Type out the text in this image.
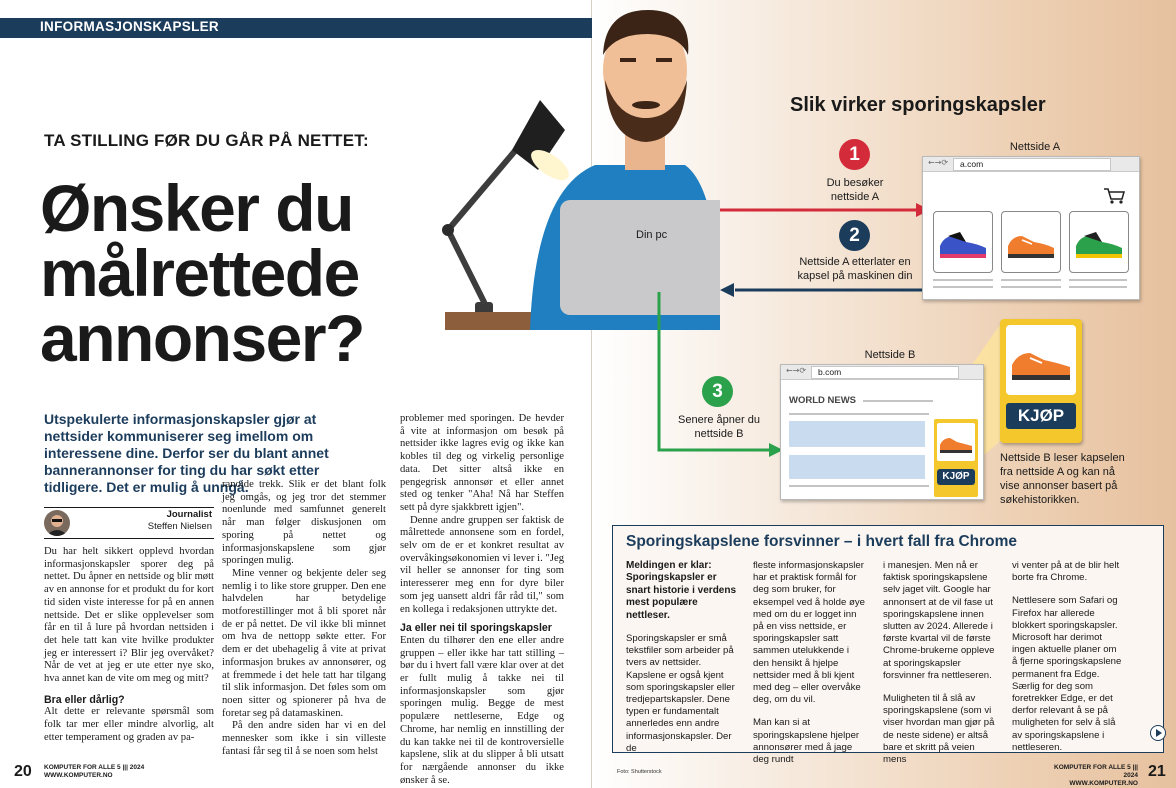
INFORMASJONSKAPSLER
Din pc
TA STILLING FØR DU GÅR PÅ NETTET:
Ønsker du
målrettede
annonser?
Utspekulerte informasjonskapsler gjør at nettsider kommuniserer seg imellom om interessene dine. Derfor ser du blant annet bannerannonser for ting du har søkt etter tidligere. Det er mulig å unngå.
Journalist
Steffen Nielsen

Du har helt sikkert opplevd hvordan informasjonskapsler sporer deg på nettet. Du åpner en nettside og blir møtt av en annonse for et produkt du for kort tid siden viste interesse for på en annen nettside. Det er slike opplevelser som får en til å lure på hvordan nettsiden i det hele tatt kan vite hvilke produkter jeg er interessert i? Blir jeg overvåket? Når de vet at jeg er ute etter nye sko, hva annet kan de vite om meg og mitt?

Bra eller dårlig?

Alt dette er relevante spørsmål som folk tar mer eller mindre alvorlig, alt etter temperament og graden av pa-

ranoide trekk. Slik er det blant folk jeg omgås, og jeg tror det stemmer noenlunde med samfunnet generelt når man følger diskusjonen om sporing på nettet og informasjonskapslene som gjør sporingen mulig.

Mine venner og bekjente deler seg nemlig i to like store grupper. Den ene halvdelen har betydelige motforestillinger mot å bli sporet når de er på nettet. De vil ikke bli minnet om hva de nettopp søkte etter. For dem er det ubehagelig å vite at privat informasjon brukes av annonsører, og at fremmede i det hele tatt har tilgang til slik informasjon. Det føles som om noen sitter og spionerer på hva de foretar seg på datamaskinen.

På den andre siden har vi en del mennesker som ikke i sin villeste fantasi får seg til å se noen som helst

problemer med sporingen. De hevder å vite at informasjon om besøk på nettsider ikke lagres evig og ikke kan kobles til deg og virkelig personlige data. Det sitter altså ikke en pengegrisk annonsør et eller annet sted og tenker "Aha! Nå har Steffen sett på dyre sjakkbrett igjen".

Denne andre gruppen ser faktisk de målrettede annonsene som en fordel, selv om de er et konkret resultat av overvåkingsøkonomien vi lever i. "Jeg vil heller se annonser for ting som interesserer meg enn for dyre biler som jeg uansett aldri får råd til," som en kollega i redaksjonen uttrykte det.

Ja eller nei til sporingskapsler

Enten du tilhører den ene eller andre gruppen – eller ikke har tatt stilling – bør du i hvert fall være klar over at det er fullt mulig å takke nei til informasjonskapsler som gjør sporingen mulig. Begge de mest populære nettleserne, Edge og Chrome, har nemlig en innstilling der du kan takke nei til de kontroversielle kapslene, slik at du slipper å bli utsatt for nærgående annonser du ikke ønsker å se.

Slik virker sporingskapsler
1
Du besøker nettside A
2
Nettside A etterlater en kapsel på maskinen din
3
Senere åpner du nettside B
Nettside A
←→⟳	a.com
KJØP
Nettside B
←→⟳	b.com
WORLD NEWS
KJØP
Nettside B leser kapselen fra nettside A og kan nå vise annonser basert på søkehistorikken.
Sporingskapslene forsvinner – i hvert fall fra Chrome

Meldingen er klar: Sporingskapsler er snart historie i verdens mest populære nettleser.

Sporingskapsler er små tekstfiler som arbeider på tvers av nettsider. Kapslene er også kjent som sporingskapsler eller tredjepartskapsler. Dene typen er fundamentalt annerledes enn andre informasjonskapsler. Der de

fleste informasjonskapsler har et praktisk formål for deg som bruker, for eksempel ved å holde øye med om du er logget inn på en viss nettside, er sporingskapsler satt sammen utelukkende i den hensikt å hjelpe nettsider med å bli kjent med deg – eller overvåke deg, om du vil.

Man kan si at sporingskapslene hjelper annonsører med å jage deg rundt

i manesjen. Men nå er faktisk sporingskapslene selv jaget vilt. Google har annonsert at de vil fase ut sporingskapslene innen slutten av 2024. Allerede i første kvartal vil de første Chrome-brukerne oppleve at sporingskapsler forsvinner fra nettleseren.

Muligheten til å slå av sporingskapslene (som vi viser hvordan man gjør på de neste sidene) er altså bare et skritt på veien mens

vi venter på at de blir helt borte fra Chrome.

Nettlesere som Safari og Firefox har allerede blokkert sporingskapsler. Microsoft har derimot ingen aktuelle planer om å fjerne sporingskapslene permanent fra Edge. Særlig for deg som foretrekker Edge, er det derfor relevant å se på muligheten for selv å slå av sporingskapslene i nettleseren.

20 KOMPUTER FOR ALLE 5 ||| 2024
WWW.KOMPUTER.NO	Foto: Shutterstock
KOMPUTER FOR ALLE 5 ||| 2024
WWW.KOMPUTER.NO
21
